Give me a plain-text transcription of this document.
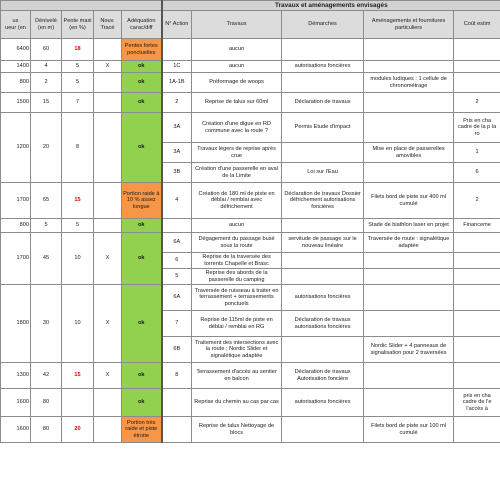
					Travaux et aménagements envisagés				
us
ueur (en	Dénivelé (en m)	Pente maxi (en %)	Nouv. Tracé	Adéquation carac/diff	N° Action	Travaux	Démarches	Aménagements et fournitures particuliers	Coût estim
6400	60	18		Pentes fortes ponctuelles		aucun			
1400	4	5	X	ok	1C	aucun	autorisations foncières		
800	2	5		ok	1A-1B	Préformage de woops		modules ludiques : 1 cellule de chronométrage	
1500	15	7		ok	2	Reprise de talus sur 60ml	Déclaration de travaux		2
1200	20	8		ok	3A	Création d'une digue en RD commune avec la route ?	Permis Etude d'impact		Pris en cha cadre de la p la ro
					3A	Travaux légers de reprise après crue		Mise en place de passerelles amovibles	1
					3B	Création d'une passerelle en aval de la Limite	Loi sur l'Eau		6
1700	65	15		Portion raide à 10 % assez longue	4	Création de 180 ml de piste en déblai / remblai avec défrichement	Déclaration de travaux Dossier défrichement autorisations foncières	Filets bord de piste sur 400 ml cumulé	2
800	5	5		ok		aucun		Stade de biathlon laser en projet	Financeme
1700	45	10	X	ok	6A	Dégagement du passage busé sous la route	servitude de passage sur le nouveau linéaire	Traversée de route : signalétique adaptée	
					6	Reprise de la traversée des torrents Chapelle et Brasc			
					5	Reprise des abords de la passerelle du camping			
1800	30	10	X	ok	6A	Traversée de ruisseau à traiter en terrassement + terrassements ponctuels	autorisations foncières		
					7	Reprise de 115ml de piste en déblai / remblai en RG	Déclaration de travaux autorisations foncières		
					6B	Traitement des intersections avec la route : Nordic Slider et signalétique adaptée		Nordic Slider + 4 panneaux de signalisation pour 2 traversées	
1300	42	15	X	ok	8	Terrassement d'accès au sentier en balcon	Déclaration de travaux Autorisation foncière		
1600	80			ok		Reprise du chemin au cas par cas	autorisations foncières		pris en cha cadre de l'e l'accès à
1600	80	20		Portion très raide et piste étroite		Reprise de talus Nettoyage de blocs		Filets bord de piste sur 100 ml cumulé	
